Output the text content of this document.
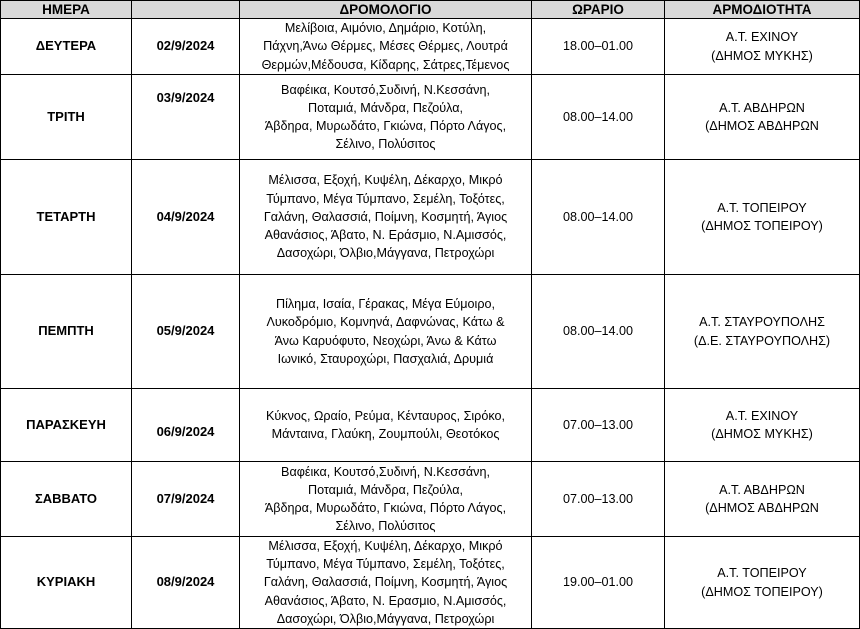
ΗΜΕΡΑ		ΔΡΟΜΟΛΟΓΙΟ	ΩΡΑΡΙΟ	ΑΡΜΟΔΙΟΤΗΤΑ
ΔΕΥΤΕΡΑ	02/9/2024	Μελίβοια, Αιμόνιο, Δημάριο, Κοτύλη,
Πάχνη,Άνω Θέρμες, Μέσες Θέρμες, Λουτρά
Θερμών,Μέδουσα, Κίδαρης, Σάτρες,Τέμενος	18.00–01.00	Α.Τ. ΕΧΙΝΟΥ
(ΔΗΜΟΣ ΜΥΚΗΣ)

ΤΡΙΤΗ	03/9/2024	Βαφέικα, Κουτσό,Συδινή, Ν.Κεσσάνη,
Ποταμιά, Μάνδρα, Πεζούλα,
Άβδηρα, Μυρωδάτο, Γκιώνα, Πόρτο Λάγος,
Σέλινο, Πολύσιτος	08.00–14.00	Α.Τ. ΑΒΔΗΡΩΝ
(ΔΗΜΟΣ ΑΒΔΗΡΩΝ

ΤΕΤΑΡΤΗ	04/9/2024	Μέλισσα, Εξοχή, Κυψέλη, Δέκαρχο, Μικρό
Τύμπανο, Μέγα Τύμπανο, Σεμέλη, Τοξότες,
Γαλάνη, Θαλασσιά, Ποίμνη, Κοσμητή, Άγιος
Αθανάσιος, Άβατο, Ν. Εράσμιο, Ν.Αμισσός,
Δασοχώρι, Όλβιο,Μάγγανα, Πετροχώρι	08.00–14.00	Α.Τ. ΤΟΠΕΙΡΟΥ
(ΔΗΜΟΣ ΤΟΠΕΙΡΟΥ)

ΠΕΜΠΤΗ	05/9/2024	Πίλημα, Ισαία, Γέρακας, Μέγα Εύμοιρο,
Λυκοδρόμιο, Κομνηνά, Δαφνώνας, Κάτω &
Άνω Καρυόφυτο, Νεοχώρι, Άνω & Κάτω
Ιωνικό, Σταυροχώρι, Πασχαλιά, Δρυμιά	08.00–14.00	Α.Τ. ΣΤΑΥΡΟΥΠΟΛΗΣ
(Δ.Ε. ΣΤΑΥΡΟΥΠΟΛΗΣ)

ΠΑΡΑΣΚΕΥΗ	06/9/2024	Κύκνος, Ωραίο, Ρεύμα, Κένταυρος, Σιρόκο,
Μάνταινα, Γλαύκη, Ζουμπούλι, Θεοτόκος	07.00–13.00	Α.Τ. ΕΧΙΝΟΥ
(ΔΗΜΟΣ ΜΥΚΗΣ)

ΣΑΒΒΑΤΟ	07/9/2024	Βαφέικα, Κουτσό,Συδινή, Ν.Κεσσάνη,
Ποταμιά, Μάνδρα, Πεζούλα,
Άβδηρα, Μυρωδάτο, Γκιώνα, Πόρτο Λάγος,
Σέλινο, Πολύσιτος	07.00–13.00	Α.Τ. ΑΒΔΗΡΩΝ
(ΔΗΜΟΣ ΑΒΔΗΡΩΝ

ΚΥΡΙΑΚΗ	08/9/2024	Μέλισσα, Εξοχή, Κυψέλη, Δέκαρχο, Μικρό
Τύμπανο, Μέγα Τύμπανο, Σεμέλη, Τοξότες,
Γαλάνη, Θαλασσιά, Ποίμνη, Κοσμητή, Άγιος
Αθανάσιος, Άβατο, Ν. Ερασμιο, Ν.Αμισσός,
Δασοχώρι, Όλβιο,Μάγγανα, Πετροχώρι	19.00–01.00	Α.Τ. ΤΟΠΕΙΡΟΥ
(ΔΗΜΟΣ ΤΟΠΕΙΡΟΥ)
